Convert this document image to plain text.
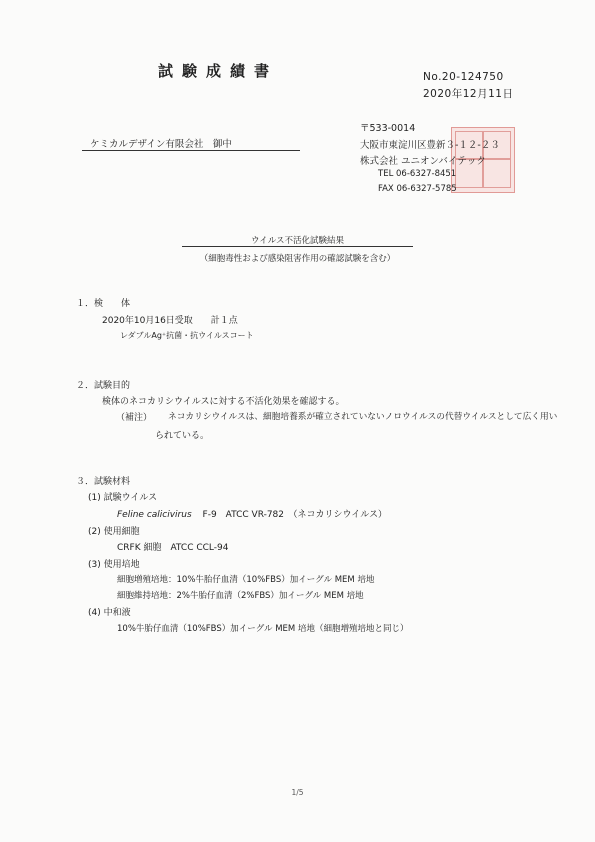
試験成績書	No.20-124750
2020年12月11日
ケミカルデザイン有限会社　御中
〒533-0014
大阪市東淀川区豊新３-１２-２３
株式会社 ユニオンバイテック
TEL 06-6327-8451
FAX 06-6327-5785
ウイルス不活化試験結果
（細胞毒性および感染阻害作用の確認試験を含む）
１．検　　体
2020年10月16日受取　　計１点
レダブルAg⁺抗菌・抗ウイルスコート
２．試験目的
検体のネコカリシウイルスに対する不活化効果を確認する。
（補注） ネコカリシウイルスは、細胞培養系が確立されていないノロウイルスの代替ウイルスとして広く用い
られている。
３．試験材料
(1) 試験ウイルス
Feline calicivirus F-9　ATCC VR-782　（ネコカリシウイルス）
(2) 使用細胞
CRFK 細胞　ATCC CCL-94
(3) 使用培地
細胞増殖培地：10%牛胎仔血清（10%FBS）加イーグル MEM 培地
細胞維持培地：2%牛胎仔血清（2%FBS）加イーグル MEM 培地
(4) 中和液
10%牛胎仔血清（10%FBS）加イーグル MEM 培地（細胞増殖培地と同じ）
1/5
